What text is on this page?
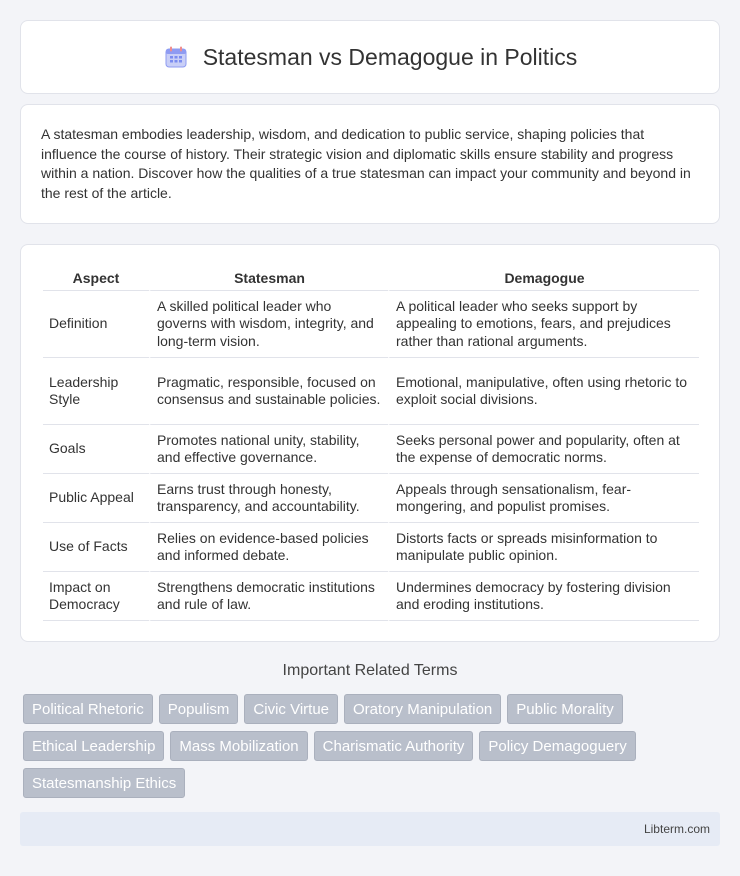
Statesman vs Demagogue in Politics

A statesman embodies leadership, wisdom, and dedication to public service, shaping policies that influence the course of history. Their strategic vision and diplomatic skills ensure stability and progress within a nation. Discover how the qualities of a true statesman can impact your community and beyond in the rest of the article.

Aspect	Statesman	Demagogue
Definition	A skilled political leader who governs with wisdom, integrity, and long-term vision.	A political leader who seeks support by appealing to emotions, fears, and prejudices rather than rational arguments.
Leadership Style	Pragmatic, responsible, focused on consensus and sustainable policies.	Emotional, manipulative, often using rhetoric to exploit social divisions.
Goals	Promotes national unity, stability, and effective governance.	Seeks personal power and popularity, often at the expense of democratic norms.
Public Appeal	Earns trust through honesty, transparency, and accountability.	Appeals through sensationalism, fear-mongering, and populist promises.
Use of Facts	Relies on evidence-based policies and informed debate.	Distorts facts or spreads misinformation to manipulate public opinion.
Impact on Democracy	Strengthens democratic institutions and rule of law.	Undermines democracy by fostering division and eroding institutions.
Important Related Terms
Political Rhetoric	Populism	Civic Virtue	Oratory Manipulation	Public Morality
Ethical Leadership	Mass Mobilization	Charismatic Authority	Policy Demagoguery
Statesmanship Ethics
Libterm.com
